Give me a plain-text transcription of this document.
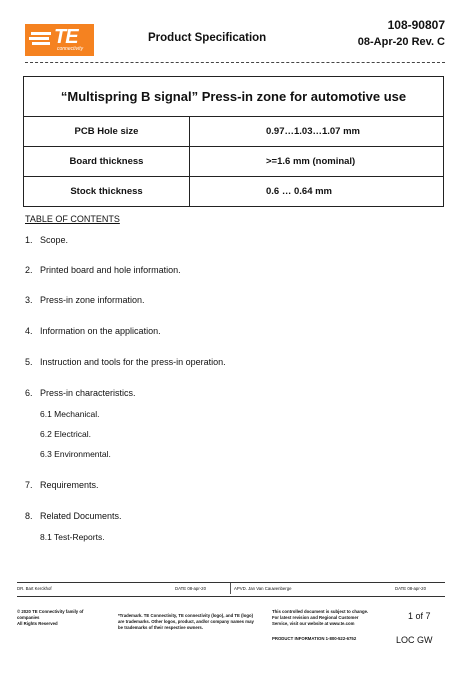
TE
connectivity
Product Specification
108-90807
08-Apr-20 Rev. C
“Multispring B signal” Press-in zone for automotive use	
PCB Hole size	0.97…1.03…1.07 mm
Board thickness	>=1.6 mm (nominal)
Stock thickness	0.6 … 0.64 mm
TABLE OF CONTENTS
1. Scope.
2. Printed board and hole information.
3. Press-in zone information.
4. Information on the application.
5. Instruction and tools for the press-in operation.
6. Press-in characteristics.
6.1 Mechanical.
6.2 Electrical.
6.3 Environmental.
7. Requirements.
8. Related Documents.
8.1 Test-Reports.
DR. Bart Kerckhof	DATE 08-apr-20	APVD. Jan Van Cauwenberge	DATE 08-apr-20
© 2020 TE Connectivity family of
companies
All Rights Reserved
*Trademark. TE Connectivity, TE connectivity (logo), and TE (logo)
are trademarks. Other logos, product, and/or company names may
be trademarks of their respective owners.
This controlled document is subject to change.
For latest revision and Regional Customer
Service, visit our website at www.te.com
PRODUCT INFORMATION 1-800-522-6752
1 of 7
LOC GW
